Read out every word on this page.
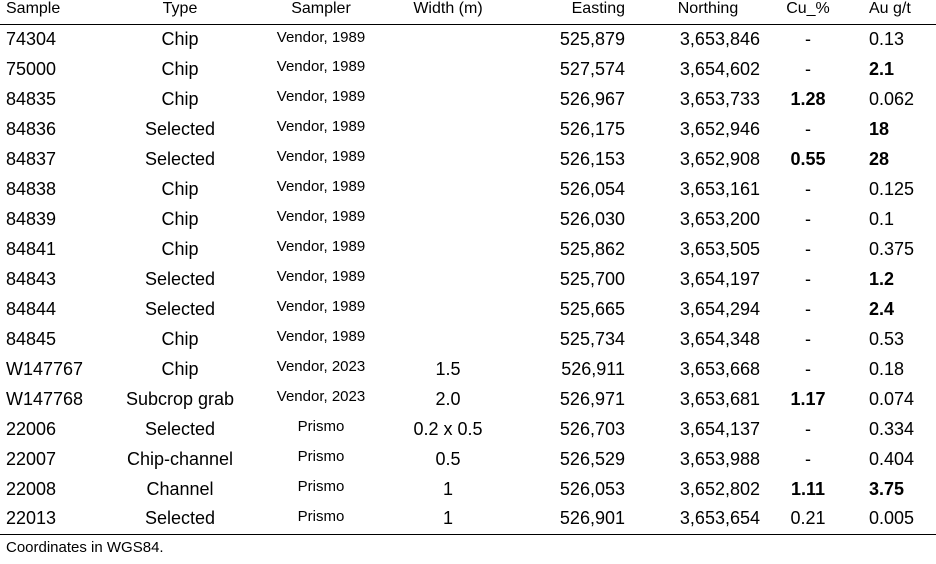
Sample	Type	Sampler	Width (m)	Easting	Northing	Cu_%	Au g/t
74304	Chip	Vendor, 1989		525,879	3,653,846	-	0.13
75000	Chip	Vendor, 1989		527,574	3,654,602	-	2.1
84835	Chip	Vendor, 1989		526,967	3,653,733	1.28	0.062
84836	Selected	Vendor, 1989		526,175	3,652,946	-	18
84837	Selected	Vendor, 1989		526,153	3,652,908	0.55	28
84838	Chip	Vendor, 1989		526,054	3,653,161	-	0.125
84839	Chip	Vendor, 1989		526,030	3,653,200	-	0.1
84841	Chip	Vendor, 1989		525,862	3,653,505	-	0.375
84843	Selected	Vendor, 1989		525,700	3,654,197	-	1.2
84844	Selected	Vendor, 1989		525,665	3,654,294	-	2.4
84845	Chip	Vendor, 1989		525,734	3,654,348	-	0.53
W147767	Chip	Vendor, 2023	1.5	526,911	3,653,668	-	0.18
W147768	Subcrop grab	Vendor, 2023	2.0	526,971	3,653,681	1.17	0.074
22006	Selected	Prismo	0.2 x 0.5	526,703	3,654,137	-	0.334
22007	Chip-channel	Prismo	0.5	526,529	3,653,988	-	0.404
22008	Channel	Prismo	1	526,053	3,652,802	1.11	3.75
22013	Selected	Prismo	1	526,901	3,653,654	0.21	0.005
Coordinates in WGS84.
